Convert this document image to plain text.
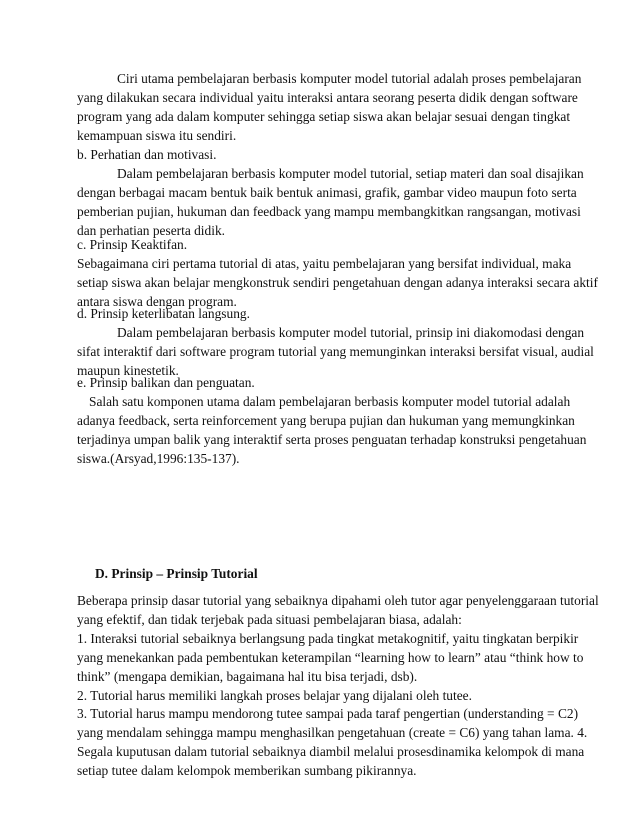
Ciri utama pembelajaran berbasis komputer model tutorial adalah proses pembelajaran

yang dilakukan secara individual yaitu interaksi antara seorang peserta didik dengan software

program yang ada dalam komputer sehingga setiap siswa akan belajar sesuai dengan tingkat

kemampuan siswa itu sendiri.

b. Perhatian dan motivasi.

Dalam pembelajaran berbasis komputer model tutorial, setiap materi dan soal disajikan

dengan berbagai macam bentuk baik bentuk animasi, grafik, gambar video maupun foto serta

pemberian pujian, hukuman dan feedback yang mampu membangkitkan rangsangan, motivasi

dan perhatian peserta didik.

c. Prinsip Keaktifan.

Sebagaimana ciri pertama tutorial di atas, yaitu pembelajaran yang bersifat individual, maka

setiap siswa akan belajar mengkonstruk sendiri pengetahuan dengan adanya interaksi secara aktif

antara siswa dengan program.

d. Prinsip keterlibatan langsung.

Dalam pembelajaran berbasis komputer model tutorial, prinsip ini diakomodasi dengan

sifat interaktif dari software program tutorial yang memunginkan interaksi bersifat visual, audial

maupun kinestetik.

e. Prinsip balikan dan penguatan.

Salah satu komponen utama dalam pembelajaran berbasis komputer model tutorial adalah

adanya feedback, serta reinforcement yang berupa pujian dan hukuman yang memungkinkan

terjadinya umpan balik yang interaktif serta proses penguatan terhadap konstruksi pengetahuan

siswa.(Arsyad,1996:135-137).

D. Prinsip – Prinsip Tutorial

Beberapa prinsip dasar tutorial yang sebaiknya dipahami oleh tutor agar penyelenggaraan tutorial

yang efektif, dan tidak terjebak pada situasi pembelajaran biasa, adalah:

1. Interaksi tutorial sebaiknya berlangsung pada tingkat metakognitif, yaitu tingkatan berpikir

yang menekankan pada pembentukan keterampilan “learning how to learn” atau “think how to

think” (mengapa demikian, bagaimana hal itu bisa terjadi, dsb).

2. Tutorial harus memiliki langkah proses belajar yang dijalani oleh tutee.

3. Tutorial harus mampu mendorong tutee sampai pada taraf pengertian (understanding = C2)

yang mendalam sehingga mampu menghasilkan pengetahuan (create = C6) yang tahan lama. 4.

Segala kuputusan dalam tutorial sebaiknya diambil melalui prosesdinamika kelompok di mana

setiap tutee dalam kelompok memberikan sumbang pikirannya.
